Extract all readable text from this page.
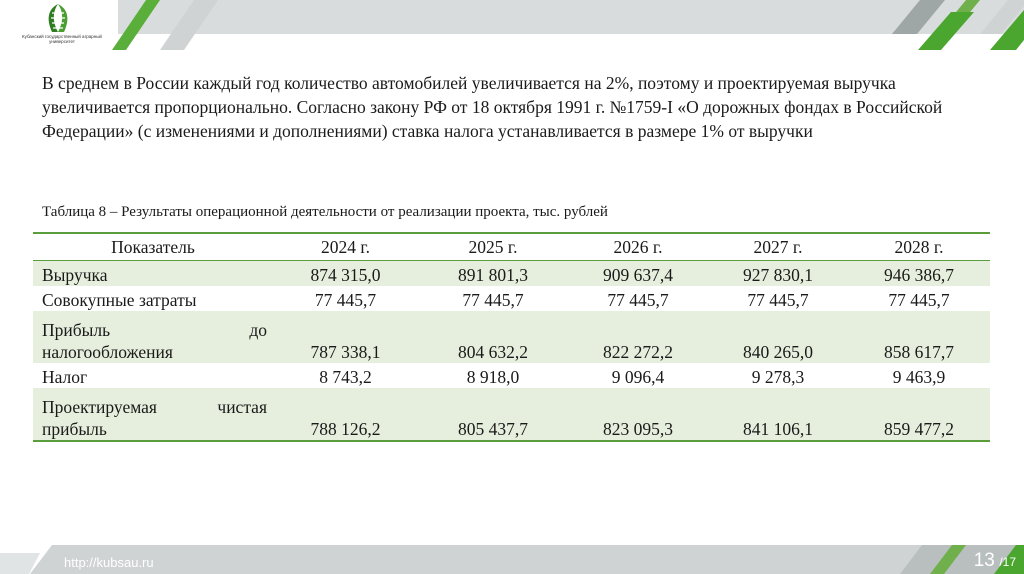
Кубанский государственный аграрный университет

В среднем в России каждый год количество автомобилей увеличивается на 2%, поэтому и проектируемая выручка увеличивается пропорционально. Согласно закону РФ от 18 октября 1991 г. №1759-I «О дорожных фондах в Российской Федерации» (с изменениями и дополнениями) ставка налога устанавливается в размере 1% от выручки

Таблица 8 – Результаты операционной деятельности от реализации проекта, тыс. рублей

Показатель	2024 г.	2025 г.	2026 г.	2027 г.	2028 г.
Выручка	874 315,0	891 801,3	909 637,4	927 830,1	946 386,7
Совокупные затраты	77 445,7	77 445,7	77 445,7	77 445,7	77 445,7

Прибыль до
налогообложения	787 338,1	804 632,2	822 272,2	840 265,0	858 617,7
Налог	8 743,2	8 918,0	9 096,4	9 278,3	9 463,9

Проектируемая чистая
прибыль	788 126,2	805 437,7	823 095,3	841 106,1	859 477,2
http://kubsau.ru	13 /17
